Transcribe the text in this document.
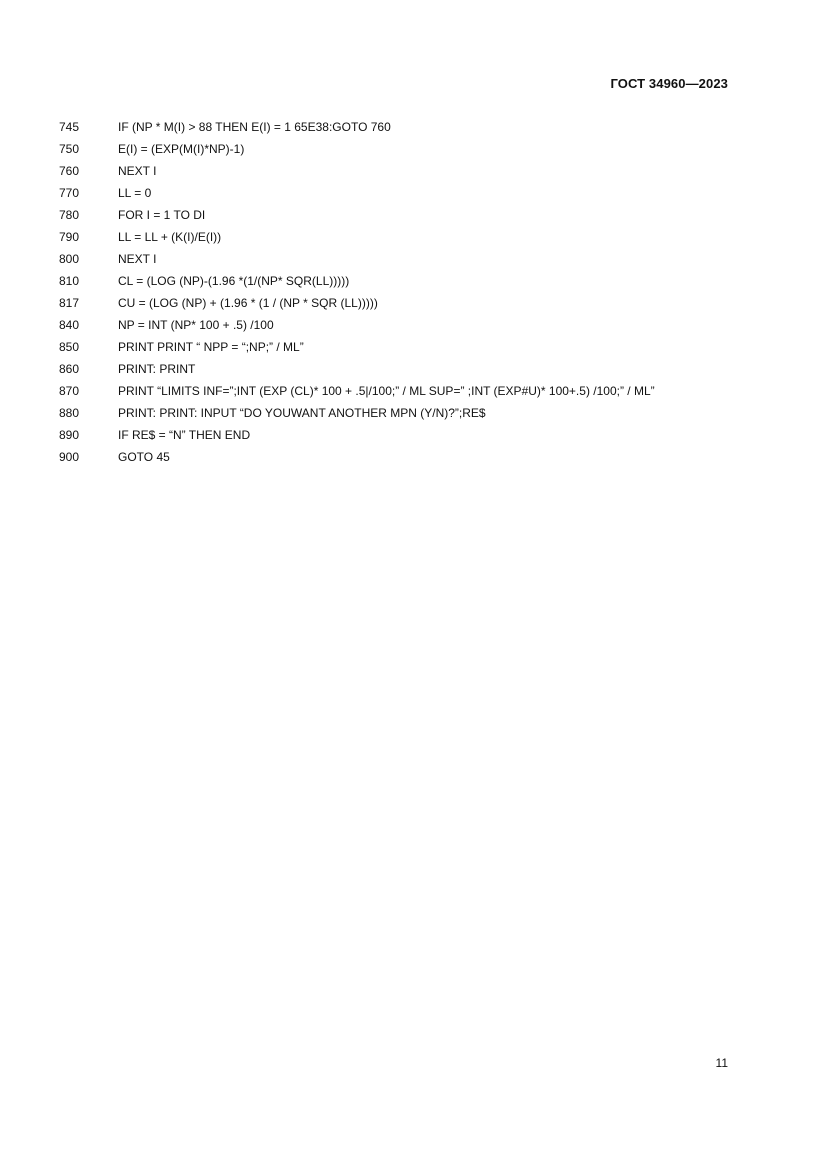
ГОСТ 34960—2023
745	IF (NP * M(I) > 88 THEN E(I) = 1 65E38:GOTO 760
750	E(I) = (EXP(M(I)*NP)-1)
760	NEXT I
770	LL = 0
780	FOR I = 1 TO DI
790	LL = LL + (K(I)/E(I))
800	NEXT I
810	CL = (LOG (NP)-(1.96 *(1/(NP* SQR(LL)))))
817	CU = (LOG (NP) + (1.96 * (1 / (NP * SQR (LL)))))
840	NP = INT (NP* 100 + .5) /100
850	PRINT PRINT “ NPP = “;NP;” / ML”
860	PRINT: PRINT
870	PRINT “LIMITS INF=”;INT (EXP (CL)* 100 + .5|/100;” / ML SUP=” ;INT (EXP#U)* 100+.5) /100;” / ML”
880	PRINT: PRINT: INPUT “DO YOUWANT ANOTHER MPN (Y/N)?”;RE$
890	IF RE$ = “N” THEN END
900	GOTO 45
11
